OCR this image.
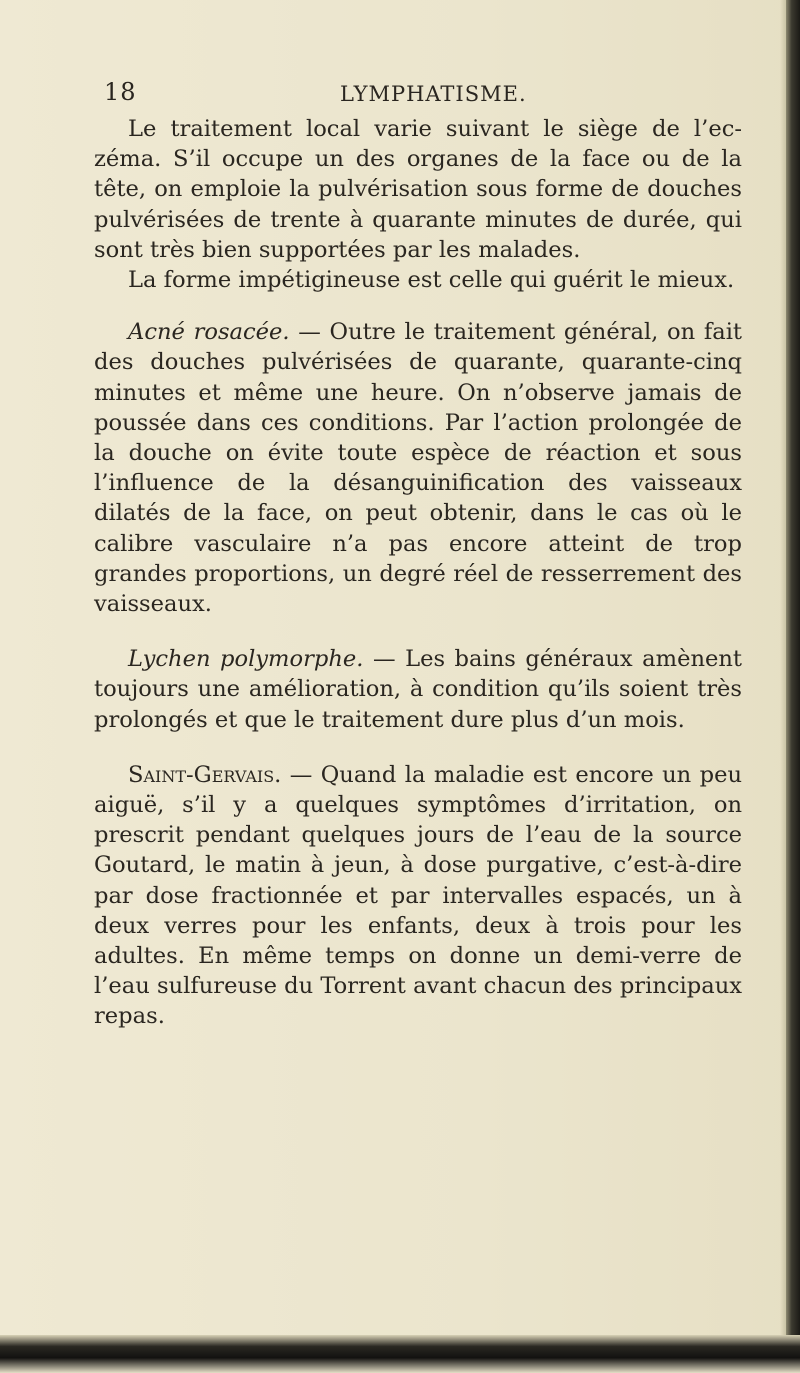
18	LYMPHATISME.

Le traitement local varie suivant le siège de l’eczéma. S’il occupe un des organes de la face ou de la tête, on emploie la pulvérisation sous forme de douches pulvérisées de trente à quarante minutes de durée, qui sont très bien supportées par les malades.

La forme impétigineuse est celle qui guérit le mieux.

Acné rosacée. — Outre le traitement général, on fait des douches pulvérisées de quarante, quarante-cinq minutes et même une heure. On n’observe jamais de poussée dans ces conditions. Par l’action prolongée de la douche on évite toute espèce de réaction et sous l’influence de la désanguinification des vaisseaux dilatés de la face, on peut obtenir, dans le cas où le calibre vasculaire n’a pas encore atteint de trop grandes proportions, un degré réel de resserrement des vaisseaux.

Lychen polymorphe. — Les bains généraux amènent toujours une amélioration, à condition qu’ils soient très prolongés et que le traitement dure plus d’un mois.

Saint-Gervais. — Quand la maladie est encore un peu aiguë, s’il y a quelques symptômes d’irritation, on prescrit pendant quelques jours de l’eau de la source Goutard, le matin à jeun, à dose purgative, c’est-à-dire par dose fractionnée et par intervalles espacés, un à deux verres pour les enfants, deux à trois pour les adultes. En même temps on donne un demi-verre de l’eau sulfureuse du Torrent avant chacun des principaux repas.
